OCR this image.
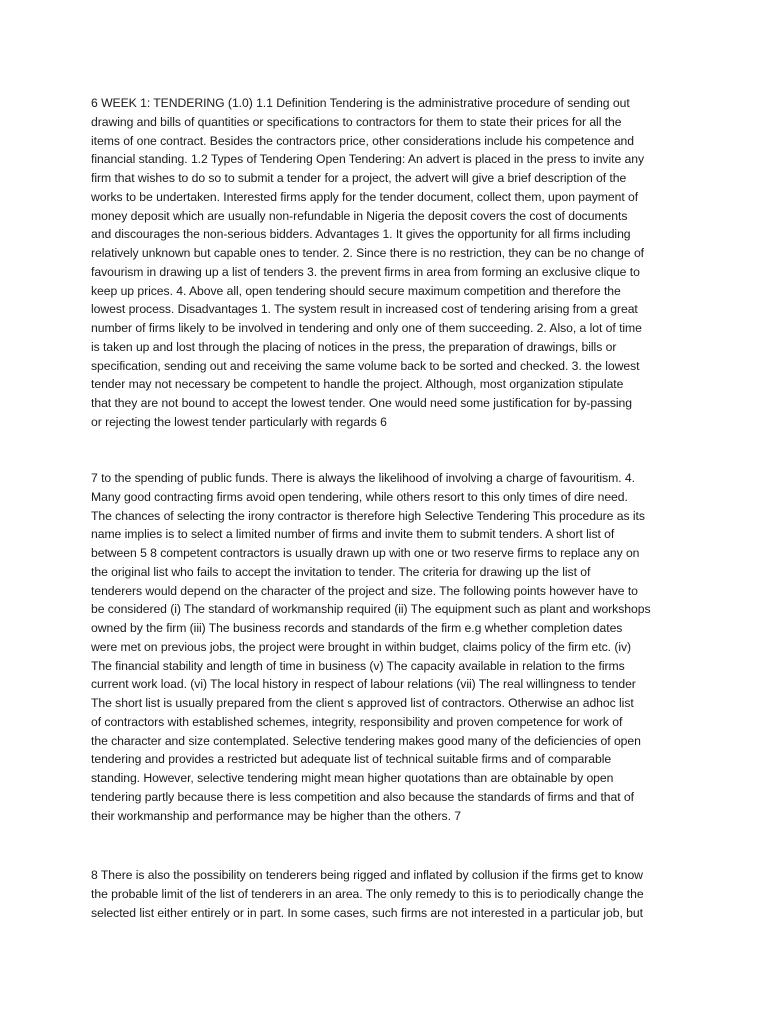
6 WEEK 1: TENDERING (1.0) 1.1 Definition Tendering is the administrative procedure of sending out
drawing and bills of quantities or specifications to contractors for them to state their prices for all the
items of one contract. Besides the contractors price, other considerations include his competence and
financial standing. 1.2 Types of Tendering Open Tendering: An advert is placed in the press to invite any
firm that wishes to do so to submit a tender for a project, the advert will give a brief description of the
works to be undertaken. Interested firms apply for the tender document, collect them, upon payment of
money deposit which are usually non-refundable in Nigeria the deposit covers the cost of documents
and discourages the non-serious bidders. Advantages 1. It gives the opportunity for all firms including
relatively unknown but capable ones to tender. 2. Since there is no restriction, they can be no change of
favourism in drawing up a list of tenders 3. the prevent firms in area from forming an exclusive clique to
keep up prices. 4. Above all, open tendering should secure maximum competition and therefore the
lowest process. Disadvantages 1. The system result in increased cost of tendering arising from a great
number of firms likely to be involved in tendering and only one of them succeeding. 2. Also, a lot of time
is taken up and lost through the placing of notices in the press, the preparation of drawings, bills or
specification, sending out and receiving the same volume back to be sorted and checked. 3. the lowest
tender may not necessary be competent to handle the project. Although, most organization stipulate
that they are not bound to accept the lowest tender. One would need some justification for by-passing
or rejecting the lowest tender particularly with regards 6
7 to the spending of public funds. There is always the likelihood of involving a charge of favouritism. 4.
Many good contracting firms avoid open tendering, while others resort to this only times of dire need.
The chances of selecting the irony contractor is therefore high Selective Tendering This procedure as its
name implies is to select a limited number of firms and invite them to submit tenders. A short list of
between 5 8 competent contractors is usually drawn up with one or two reserve firms to replace any on
the original list who fails to accept the invitation to tender. The criteria for drawing up the list of
tenderers would depend on the character of the project and size. The following points however have to
be considered (i) The standard of workmanship required (ii) The equipment such as plant and workshops
owned by the firm (iii) The business records and standards of the firm e.g whether completion dates
were met on previous jobs, the project were brought in within budget, claims policy of the firm etc. (iv)
The financial stability and length of time in business (v) The capacity available in relation to the firms
current work load. (vi) The local history in respect of labour relations (vii) The real willingness to tender
The short list is usually prepared from the client s approved list of contractors. Otherwise an adhoc list
of contractors with established schemes, integrity, responsibility and proven competence for work of
the character and size contemplated. Selective tendering makes good many of the deficiencies of open
tendering and provides a restricted but adequate list of technical suitable firms and of comparable
standing. However, selective tendering might mean higher quotations than are obtainable by open
tendering partly because there is less competition and also because the standards of firms and that of
their workmanship and performance may be higher than the others. 7
8 There is also the possibility on tenderers being rigged and inflated by collusion if the firms get to know
the probable limit of the list of tenderers in an area. The only remedy to this is to periodically change the
selected list either entirely or in part. In some cases, such firms are not interested in a particular job, but
